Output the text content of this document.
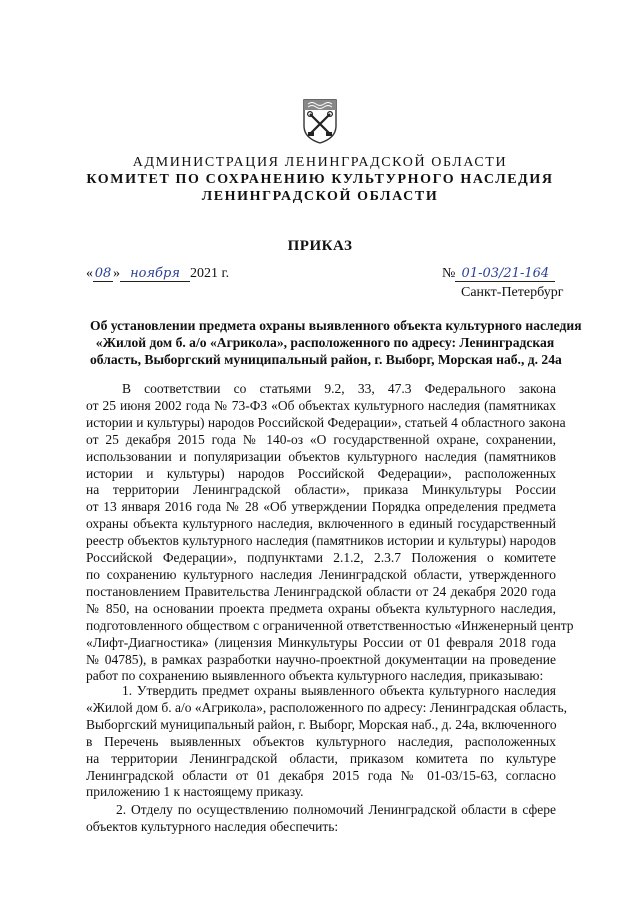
АДМИНИСТРАЦИЯ ЛЕНИНГРАДСКОЙ ОБЛАСТИ
КОМИТЕТ ПО СОХРАНЕНИЮ КУЛЬТУРНОГО НАСЛЕДИЯ
ЛЕНИНГРАДСКОЙ ОБЛАСТИ
ПРИКАЗ
« 08 » ноября 2021 г.	№ 01-03/21-164
Санкт-Петербург
Об установлении предмета охраны выявленного объекта культурного наследия
«Жилой дом б. а/о «Агрикола», расположенного по адресу: Ленинградская
область, Выборгский муниципальный район, г. Выборг, Морская наб., д. 24а
В соответствии со статьями 9.2, 33, 47.3 Федерального закона
от 25 июня 2002 года № 73-ФЗ «Об объектах культурного наследия (памятниках
истории и культуры) народов Российской Федерации», статьей 4 областного закона
от 25 декабря 2015 года № 140-оз «О государственной охране, сохранении,
использовании и популяризации объектов культурного наследия (памятников
истории и культуры) народов Российской Федерации», расположенных
на территории Ленинградской области», приказа Минкультуры России
от 13 января 2016 года № 28 «Об утверждении Порядка определения предмета
охраны объекта культурного наследия, включенного в единый государственный
реестр объектов культурного наследия (памятников истории и культуры) народов
Российской Федерации», подпунктами 2.1.2, 2.3.7 Положения о комитете
по сохранению культурного наследия Ленинградской области, утвержденного
постановлением Правительства Ленинградской области от 24 декабря 2020 года
№ 850, на основании проекта предмета охраны объекта культурного наследия,
подготовленного обществом с ограниченной ответственностью «Инженерный центр
«Лифт-Диагностика» (лицензия Минкультуры России от 01 февраля 2018 года
№ 04785), в рамках разработки научно-проектной документации на проведение
работ по сохранению выявленного объекта культурного наследия, приказываю:
1. Утвердить предмет охраны выявленного объекта культурного наследия
«Жилой дом б. а/о «Агрикола», расположенного по адресу: Ленинградская область,
Выборгский муниципальный район, г. Выборг, Морская наб., д. 24а, включенного
в Перечень выявленных объектов культурного наследия, расположенных
на территории Ленинградской области, приказом комитета по культуре
Ленинградской области от 01 декабря 2015 года № 01-03/15-63, согласно
приложению 1 к настоящему приказу.
2. Отделу по осуществлению полномочий Ленинградской области в сфере
объектов культурного наследия обеспечить:
